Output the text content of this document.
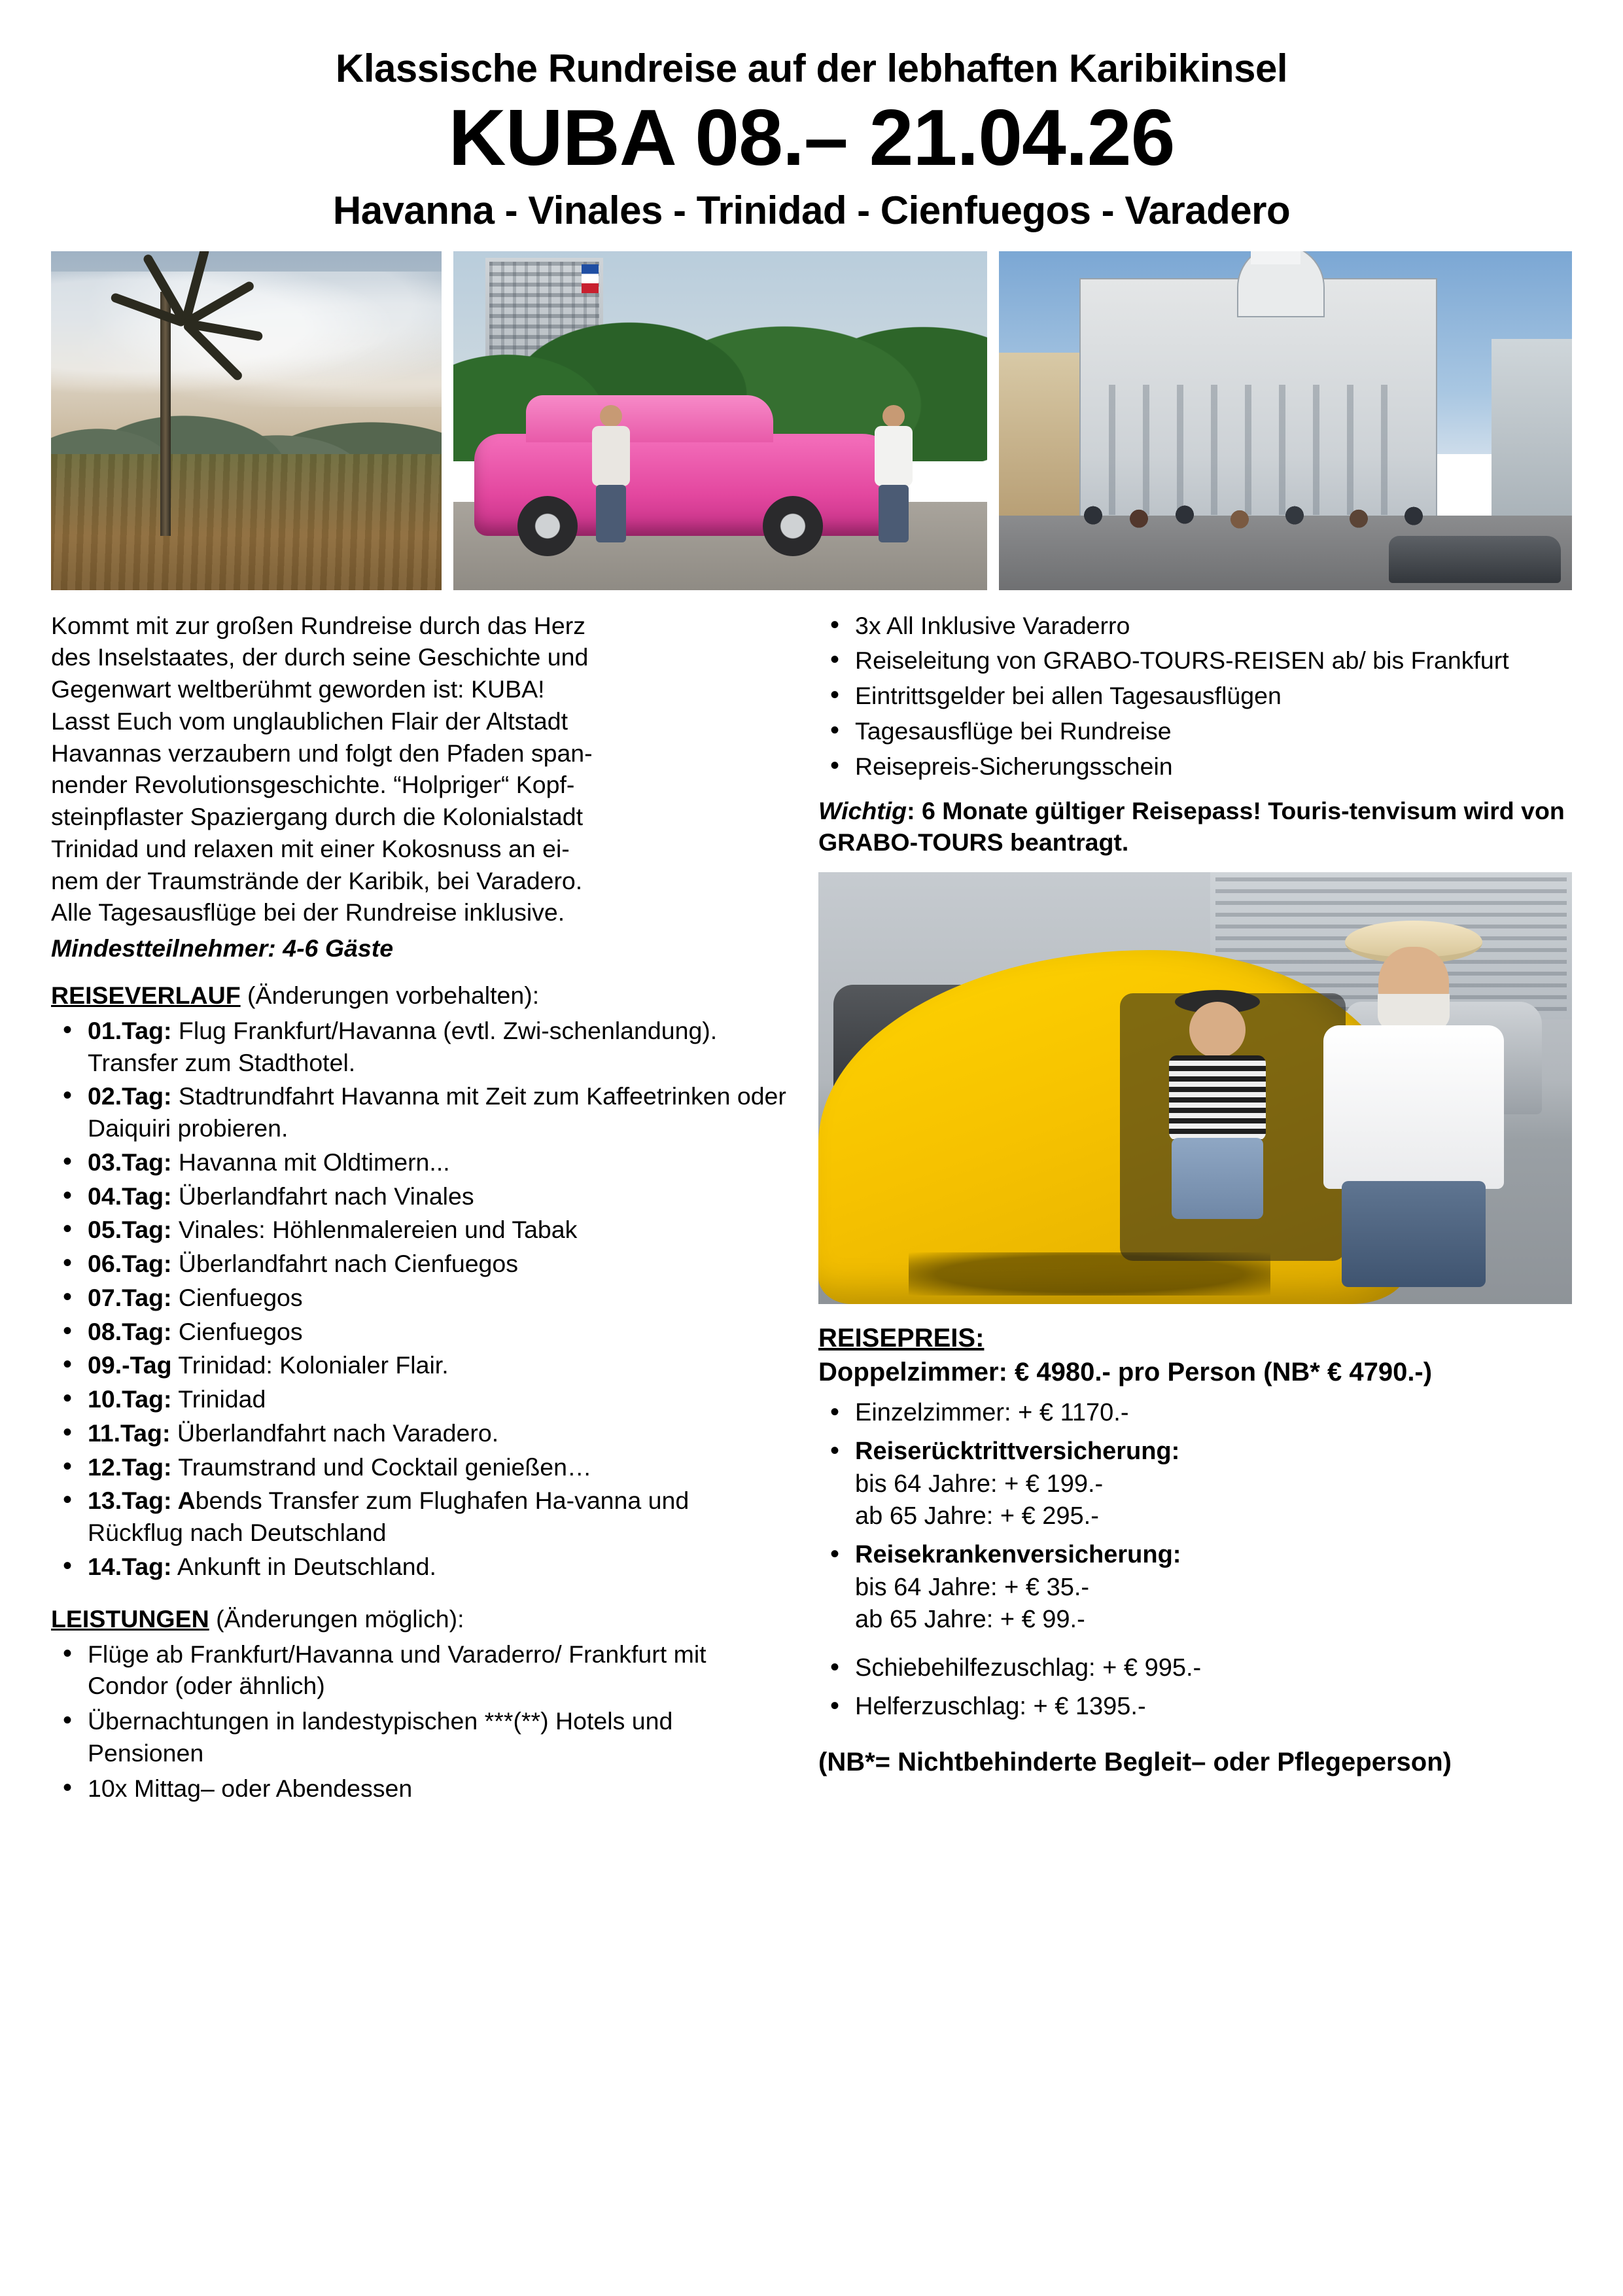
Klassische Rundreise auf der lebhaften Karibikinsel
KUBA 08.– 21.04.26
Havanna - Vinales - Trinidad - Cienfuegos - Varadero

Kommt mit zur großen Rundreise durch das Herz
des Inselstaates, der durch seine Geschichte und
Gegenwart weltberühmt geworden ist: KUBA!
Lasst Euch vom unglaublichen Flair der Altstadt
Havannas verzaubern und folgt den Pfaden span-
nender Revolutionsgeschichte. “Holpriger“ Kopf-
steinpflaster Spaziergang durch die Kolonialstadt
Trinidad und relaxen mit einer Kokosnuss an ei-
nem der Traumstrände der Karibik, bei Varadero.
Alle Tagesausflüge bei der Rundreise inklusive.

Mindestteilnehmer: 4-6 Gäste

REISEVERLAUF (Änderungen vorbehalten):
• 01.Tag: Flug Frankfurt/Havanna (evtl. Zwi-schenlandung). Transfer zum Stadthotel.
• 02.Tag: Stadtrundfahrt Havanna mit Zeit zum Kaffeetrinken oder Daiquiri probieren.
• 03.Tag: Havanna mit Oldtimern...
• 04.Tag: Überlandfahrt nach Vinales
• 05.Tag: Vinales: Höhlenmalereien und Tabak
• 06.Tag: Überlandfahrt nach Cienfuegos
• 07.Tag: Cienfuegos
• 08.Tag: Cienfuegos
• 09.-Tag Trinidad: Kolonialer Flair.
• 10.Tag: Trinidad
• 11.Tag: Überlandfahrt nach Varadero.
• 12.Tag: Traumstrand und Cocktail genießen…
• 13.Tag: Abends Transfer zum Flughafen Ha-vanna und Rückflug nach Deutschland
• 14.Tag: Ankunft in Deutschland.
LEISTUNGEN (Änderungen möglich):
• Flüge ab Frankfurt/Havanna und Varaderro/ Frankfurt mit Condor (oder ähnlich)
• Übernachtungen in landestypischen ***(**) Hotels und Pensionen
• 10x Mittag– oder Abendessen
• 3x All Inklusive Varaderro
• Reiseleitung von GRABO-TOURS-REISEN ab/ bis Frankfurt
• Eintrittsgelder bei allen Tagesausflügen
• Tagesausflüge bei Rundreise
• Reisepreis-Sicherungsschein

Wichtig: 6 Monate gültiger Reisepass! Touris-tenvisum wird von GRABO-TOURS beantragt.

REISEPREIS:
Doppelzimmer: € 4980.- pro Person (NB* € 4790.-)
• Einzelzimmer: + € 1170.-
• Reiserücktrittversicherung:
bis 64 Jahre: + € 199.-
ab 65 Jahre: + € 295.-
• Reisekrankenversicherung:
bis 64 Jahre: + € 35.-
ab 65 Jahre: + € 99.-
• Schiebehilfezuschlag: + € 995.-
• Helferzuschlag: + € 1395.-
(NB*= Nichtbehinderte Begleit– oder Pflegeperson)
